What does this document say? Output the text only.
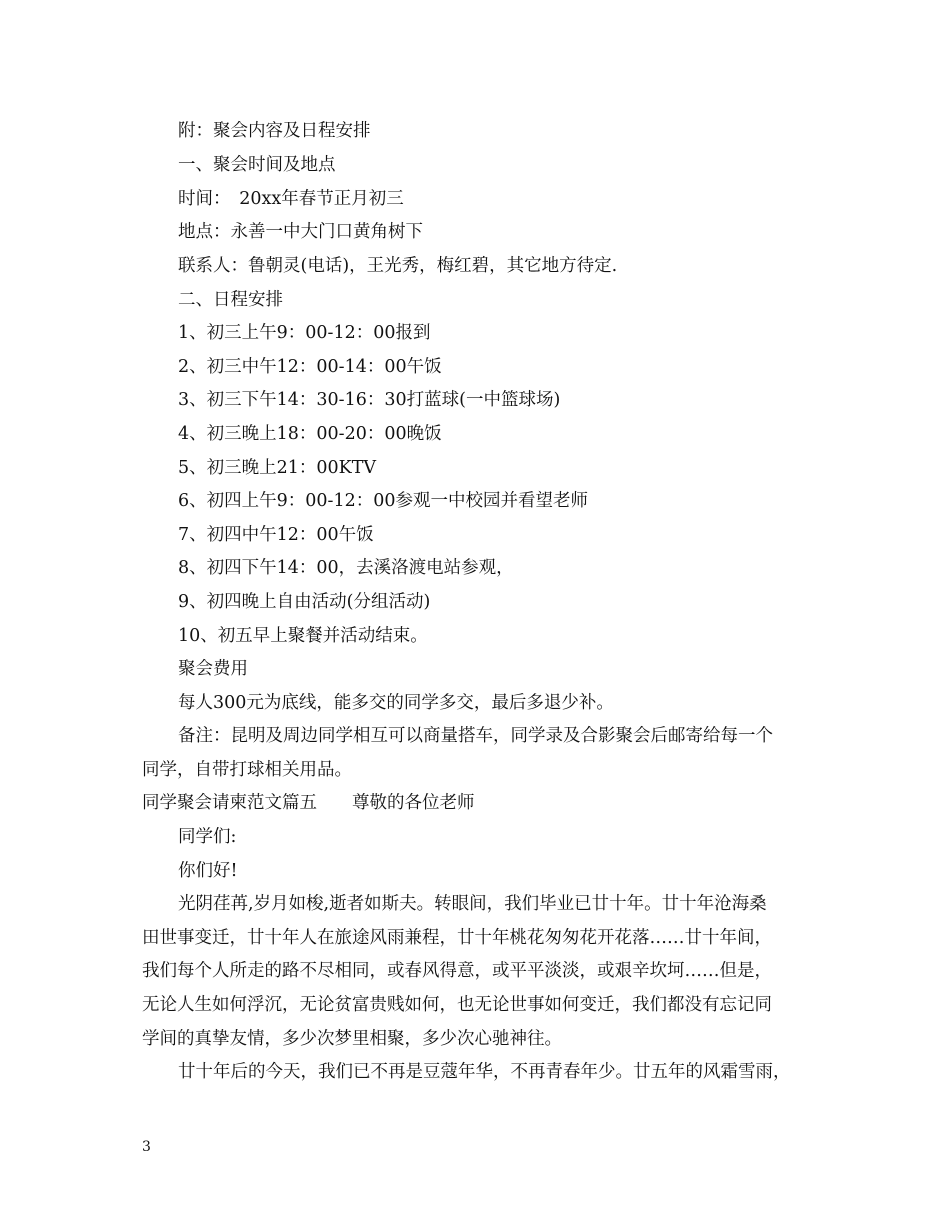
附：聚会内容及日程安排
一、聚会时间及地点
时间：　20xx年春节正月初三
地点：永善一中大门口黄角树下
联系人：鲁朝灵(电话)，王光秀，梅红碧，其它地方待定.
二、日程安排
1、初三上午9：00-12：00报到
2、初三中午12：00-14：00午饭
3、初三下午14：30-16：30打蓝球(一中篮球场)
4、初三晚上18：00-20：00晚饭
5、初三晚上21：00KTV
6、初四上午9：00-12：00参观一中校园并看望老师
7、初四中午12：00午饭
8、初四下午14：00，去溪洛渡电站参观，
9、初四晚上自由活动(分组活动)
10、初五早上聚餐并活动结束。
聚会费用
每人300元为底线，能多交的同学多交，最后多退少补。
备注：昆明及周边同学相互可以商量搭车，同学录及合影聚会后邮寄给每一个
同学，自带打球相关用品。
同学聚会请柬范文篇五　　尊敬的各位老师
同学们:
你们好!
光阴荏苒,岁月如梭,逝者如斯夫。转眼间，我们毕业已廿十年。廿十年沧海桑
田世事变迁，廿十年人在旅途风雨兼程，廿十年桃花匆匆花开花落……廿十年间，
我们每个人所走的路不尽相同，或春风得意，或平平淡淡，或艰辛坎坷……但是，
无论人生如何浮沉，无论贫富贵贱如何，也无论世事如何变迁，我们都没有忘记同
学间的真挚友情，多少次梦里相聚，多少次心驰神往。
廿十年后的今天，我们已不再是豆蔻年华，不再青春年少。廿五年的风霜雪雨，
3
